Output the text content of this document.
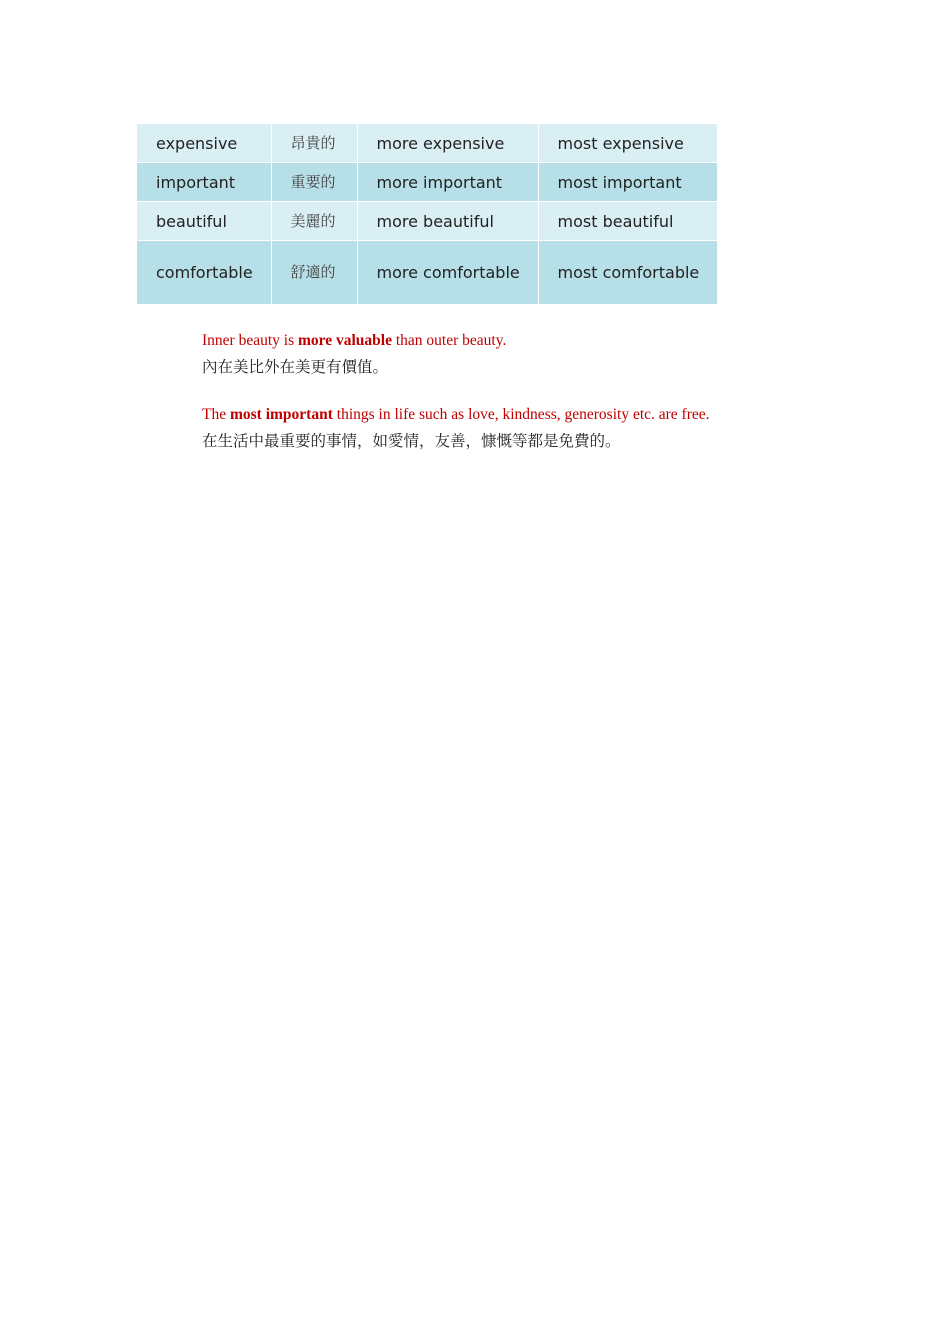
expensive	昂貴的	more expensive	most expensive
important	重要的	more important	most important
beautiful	美麗的	more beautiful	most beautiful
comfortable	舒適的	more comfortable	most comfortable
Inner beauty is more valuable than outer beauty.
內在美比外在美更有價值。
The most important things in life such as love, kindness, generosity etc. are free.
在生活中最重要的事情，如愛情，友善，慷慨等都是免費的。
